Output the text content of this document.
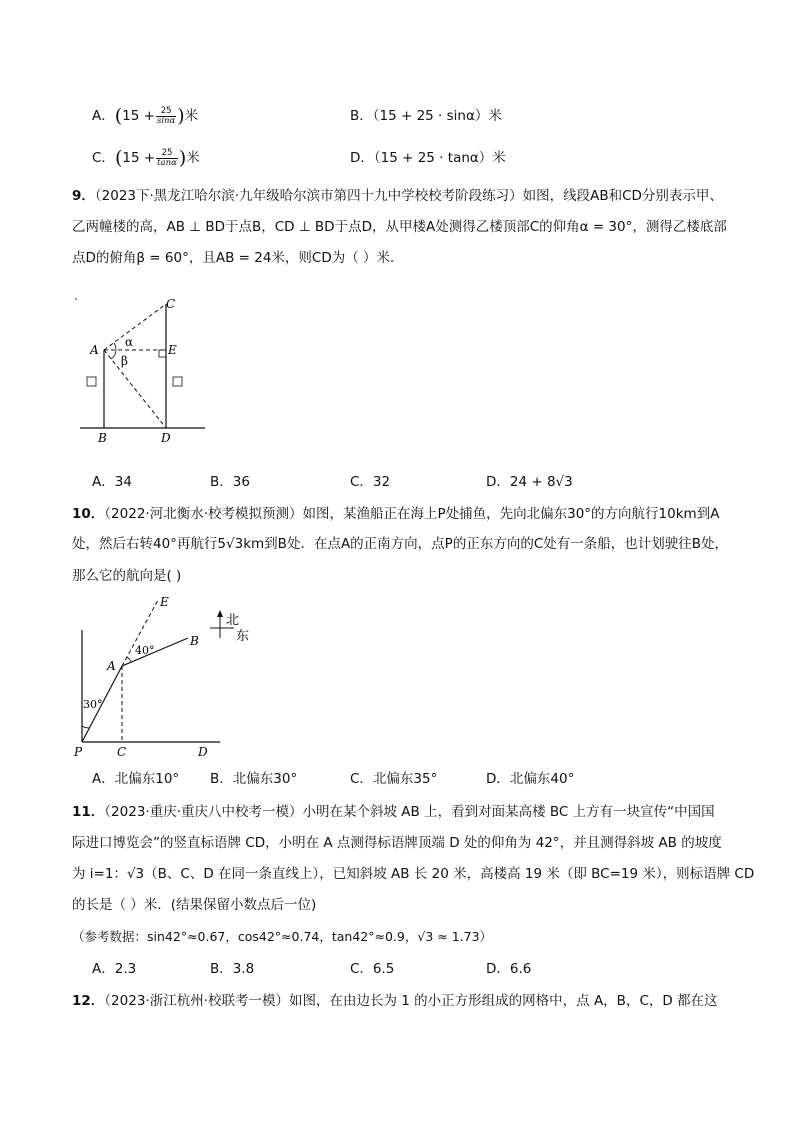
A．($15 + \frac{25}{\sin\alpha}$ )米	B．（15 + 25 · sinα）米
C．($15 + \frac{25}{\tan\alpha}$ )米	D．（15 + 25 · tanα）米
9．（2023下·黑龙江哈尔滨·九年级哈尔滨市第四十九中学校校考阶段练习）如图，线段AB和CD分别表示甲、
乙两幢楼的高，AB ⊥ BD于点B，CD ⊥ BD于点D，从甲楼A处测得乙楼顶部C的仰角α = 30°，测得乙楼底部
点D的俯角β = 60°，且AB = 24米，则CD为（ ）米．
C
A	E
α
β
B	D
A．34	B．36	C．32	D．24 + 8√3
10．（2022·河北衡水·校考模拟预测）如图，某渔船正在海上P处捕鱼，先向北偏东30°的方向航行10km到A
处，然后右转40°再航行5√3km到B处．在点A的正南方向，点P的正东方向的C处有一条船，也计划驶往B处，
那么它的航向是( )
E
B
A
40°
30°
P	C	D
北
东
A．北偏东10° B．北偏东30°	C．北偏东35°	D．北偏东40°
11．（2023·重庆·重庆八中校考一模）小明在某个斜坡 AB 上，看到对面某高楼 BC 上方有一块宣传“中国国
际进口博览会”的竖直标语牌 CD，小明在 A 点测得标语牌顶端 D 处的仰角为 42°，并且测得斜坡 AB 的坡度
为 i=1：√3（B、C、D 在同一条直线上），已知斜坡 AB 长 20 米，高楼高 19 米（即 BC=19 米），则标语牌 CD
的长是（ ）米．(结果保留小数点后一位)
（参考数据：sin42°≈0.67，cos42°≈0.74，tan42°≈0.9，√3 ≈ 1.73）
A．2.3	B．3.8	C．6.5	D．6.6
12．（2023·浙江杭州·校联考一模）如图，在由边长为 1 的小正方形组成的网格中，点 A，B，C，D 都在这
